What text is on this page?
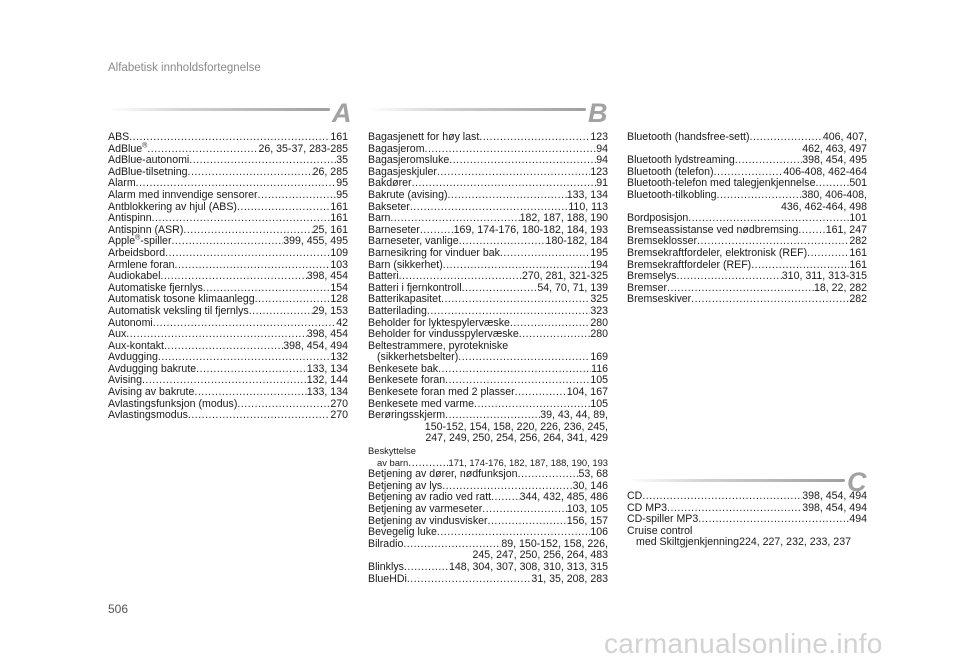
Alfabetisk innholdsfortegnelse
A
ABS .....	161
AdBlue® .....	26, 35-37, 283-285
AdBlue-autonomi .....	35
AdBlue-tilsetning .....	26, 285
Alarm .....	95
Alarm med innvendige sensorer .....	95
Antblokkering av hjul (ABS) .....	161
Antispinn .....	161
Antispinn (ASR) .....	25, 161
Apple®-spiller .....	399, 455, 495
Arbeidsbord .....	109
Armlene foran .....	103
Audiokabel .....	398, 454
Automatiske fjernlys .....	154
Automatisk tosone klimaanlegg .....	128
Automatisk veksling til fjernlys .....	29, 153
Autonomi .....	42
Aux .....	398, 454
Aux-kontakt .....	398, 454, 494
Avdugging .....	132
Avdugging bakrute .....	133, 134
Avising .....	132, 144
Avising av bakrute .....	133, 134
Avlastingsfunksjon (modus) .....	270
Avlastingsmodus .....	270
B
Bagasjenett for høy last .....	123
Bagasjerom .....	94
Bagasjeromsluke .....	94
Bagasjeskjuler .....	123
Bakdører .....	91
Bakrute (avising) .....	133, 134
Bakseter .....	110, 113
Barn .....	182, 187, 188, 190
Barneseter .....	169, 174-176, 180-182, 184, 193
Barneseter, vanlige .....	180-182, 184
Barnesikring for vinduer bak .....	195
Barn (sikkerhet) .....	194
Batteri .....	270, 281, 321-325
Batteri i fjernkontroll .....	54, 70, 71, 139
Batterikapasitet .....	325
Batterilading .....	323
Beholder for lyktespylervæske .....	280
Beholder for vindusspylervæske .....	280
Beltestrammere, pyrotekniske
(sikkerhetsbelter) .....	169
Benkesete bak .....	116
Benkesete foran .....	105
Benkesete foran med 2 plasser .....	104, 167
Benkesete med varme .....	105
Berøringsskjerm .....	39, 43, 44, 89,
150-152, 154, 158, 220, 226, 236, 245,
247, 249, 250, 254, 256, 264, 341, 429
Beskyttelse
av barn .....	171, 174-176, 182, 187, 188, 190, 193
Betjening av dører, nødfunksjon .....	53, 68
Betjening av lys .....	30, 146
Betjening av radio ved ratt .....	344, 432, 485, 486
Betjening av varmeseter .....	103, 105
Betjening av vindusvisker .....	156, 157
Bevegelig luke .....	106
Bilradio .....	89, 150-152, 158, 226,
245, 247, 250, 256, 264, 483
Blinklys .....	148, 304, 307, 308, 310, 313, 315
BlueHDi .....	31, 35, 208, 283
Bluetooth (handsfree-sett) .....	406, 407,
462, 463, 497
Bluetooth lydstreaming .....	398, 454, 495
Bluetooth (telefon) .....	406-408, 462-464
Bluetooth-telefon med talegjenkjennelse .....	501
Bluetooth-tilkobling .....	380, 406-408,
436, 462-464, 498
Bordposisjon .....	101
Bremseassistanse ved nødbremsing .....	161, 247
Bremseklosser .....	282
Bremsekraftfordeler, elektronisk (REF) .....	161
Bremsekraftfordeler (REF) .....	161
Bremselys .....	310, 311, 313-315
Bremser .....	18, 22, 282
Bremseskiver .....	282
C
CD .....	398, 454, 494
CD MP3 .....	398, 454, 494
CD-spiller MP3 .....	494
Cruise control
med Skiltgjenkjenning 224, 227, 232, 233, 237
506
carmanualsonline.info
